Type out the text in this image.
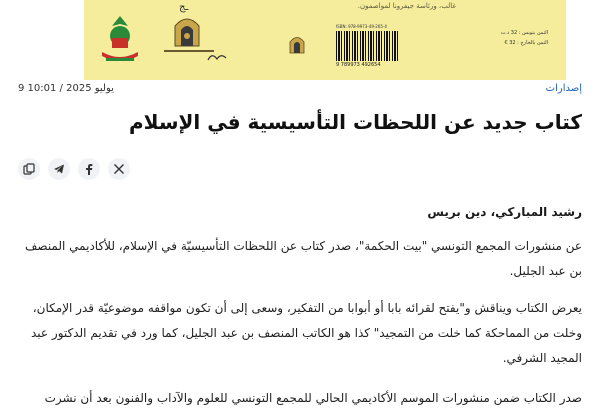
غالب، ورئاسة جيفرونا لمواصمون.
ـج
ISBN: 978-9973-49-265-4
9 789973 492654
الثمن بتونس : 32 د.ت
الثمن بالخارج : 32 €
9 يوليو 2025 / 10:01	إصدارات
كتاب جديد عن اللحظات التأسيسية في الإسلام
رشيد المباركي، دين بريس

عن منشورات المجمع التونسي "بيت الحكمة"، صدر كتاب عن اللحظات التأسيسيّة في الإسلام، للأكاديمي المنصف بن عبد الجليل.

يعرض الكتاب ويناقش و"يفتح لقرائه بابا أو أبوابا من التفكير، وسعى إلى أن تكون مواقفه موضوعيّة قدر الإمكان، وخلت من المماحكة كما خلت من التمجيد" كذا هو الكاتب المنصف بن عبد الجليل، كما ورد في تقديم الدكتور عبد المجيد الشرفي.

صدر الكتاب ضمن منشورات الموسم الأكاديمي الحالي للمجمع التونسي للعلوم والآداب والفنون بعد أن نشرت
